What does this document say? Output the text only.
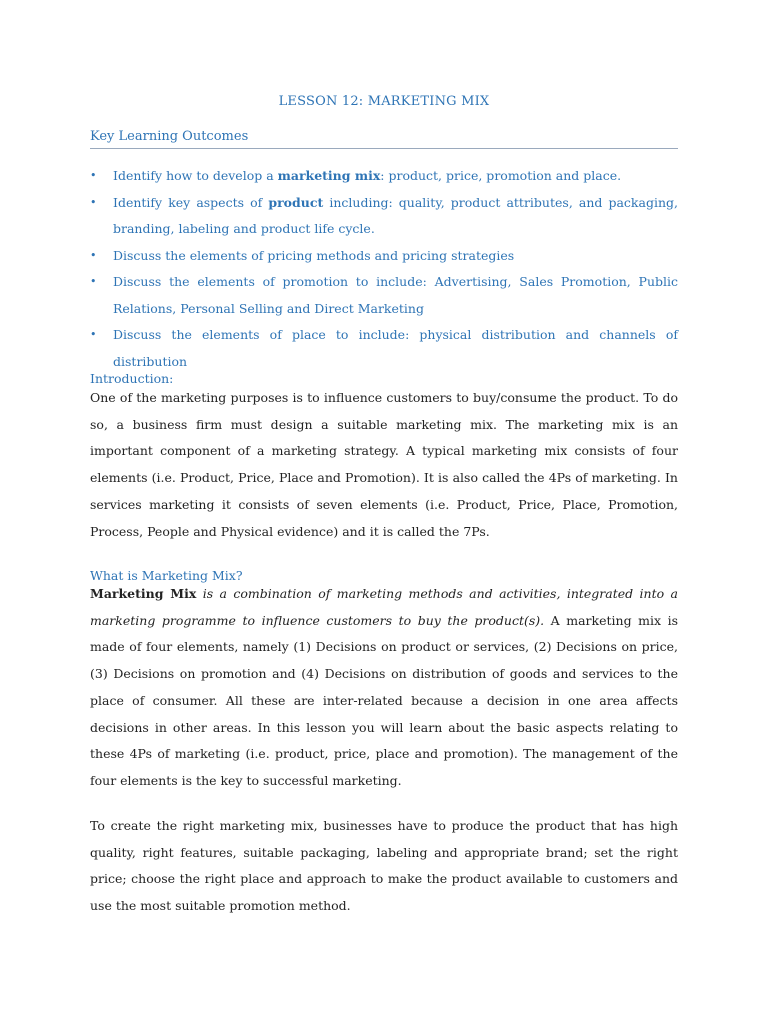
LESSON 12: MARKETING MIX
Key Learning Outcomes
• Identify how to develop a marketing mix: product, price, promotion and place.
• Identify key aspects of product including: quality, product attributes, and packaging, branding, labeling and product life cycle.
• Discuss the elements of pricing methods and pricing strategies
• Discuss the elements of promotion to include: Advertising, Sales Promotion, Public Relations, Personal Selling and Direct Marketing
• Discuss the elements of place to include: physical distribution and channels of distribution
Introduction:

One of the marketing purposes is to influence customers to buy/consume the product. To do so, a business firm must design a suitable marketing mix. The marketing mix is an important component of a marketing strategy. A typical marketing mix consists of four elements (i.e. Product, Price, Place and Promotion). It is also called the 4Ps of marketing. In services marketing it consists of seven elements (i.e. Product, Price, Place, Promotion, Process, People and Physical evidence) and it is called the 7Ps.

What is Marketing Mix?

Marketing Mix is a combination of marketing methods and activities, integrated into a marketing programme to influence customers to buy the product(s). A marketing mix is made of four elements, namely (1) Decisions on product or services, (2) Decisions on price, (3) Decisions on promotion and (4) Decisions on distribution of goods and services to the place of consumer. All these are inter-related because a decision in one area affects decisions in other areas. In this lesson you will learn about the basic aspects relating to these 4Ps of marketing (i.e. product, price, place and promotion). The management of the four elements is the key to successful marketing.

To create the right marketing mix, businesses have to produce the product that has high quality, right features, suitable packaging, labeling and appropriate brand; set the right price; choose the right place and approach to make the product available to customers and use the most suitable promotion method.
